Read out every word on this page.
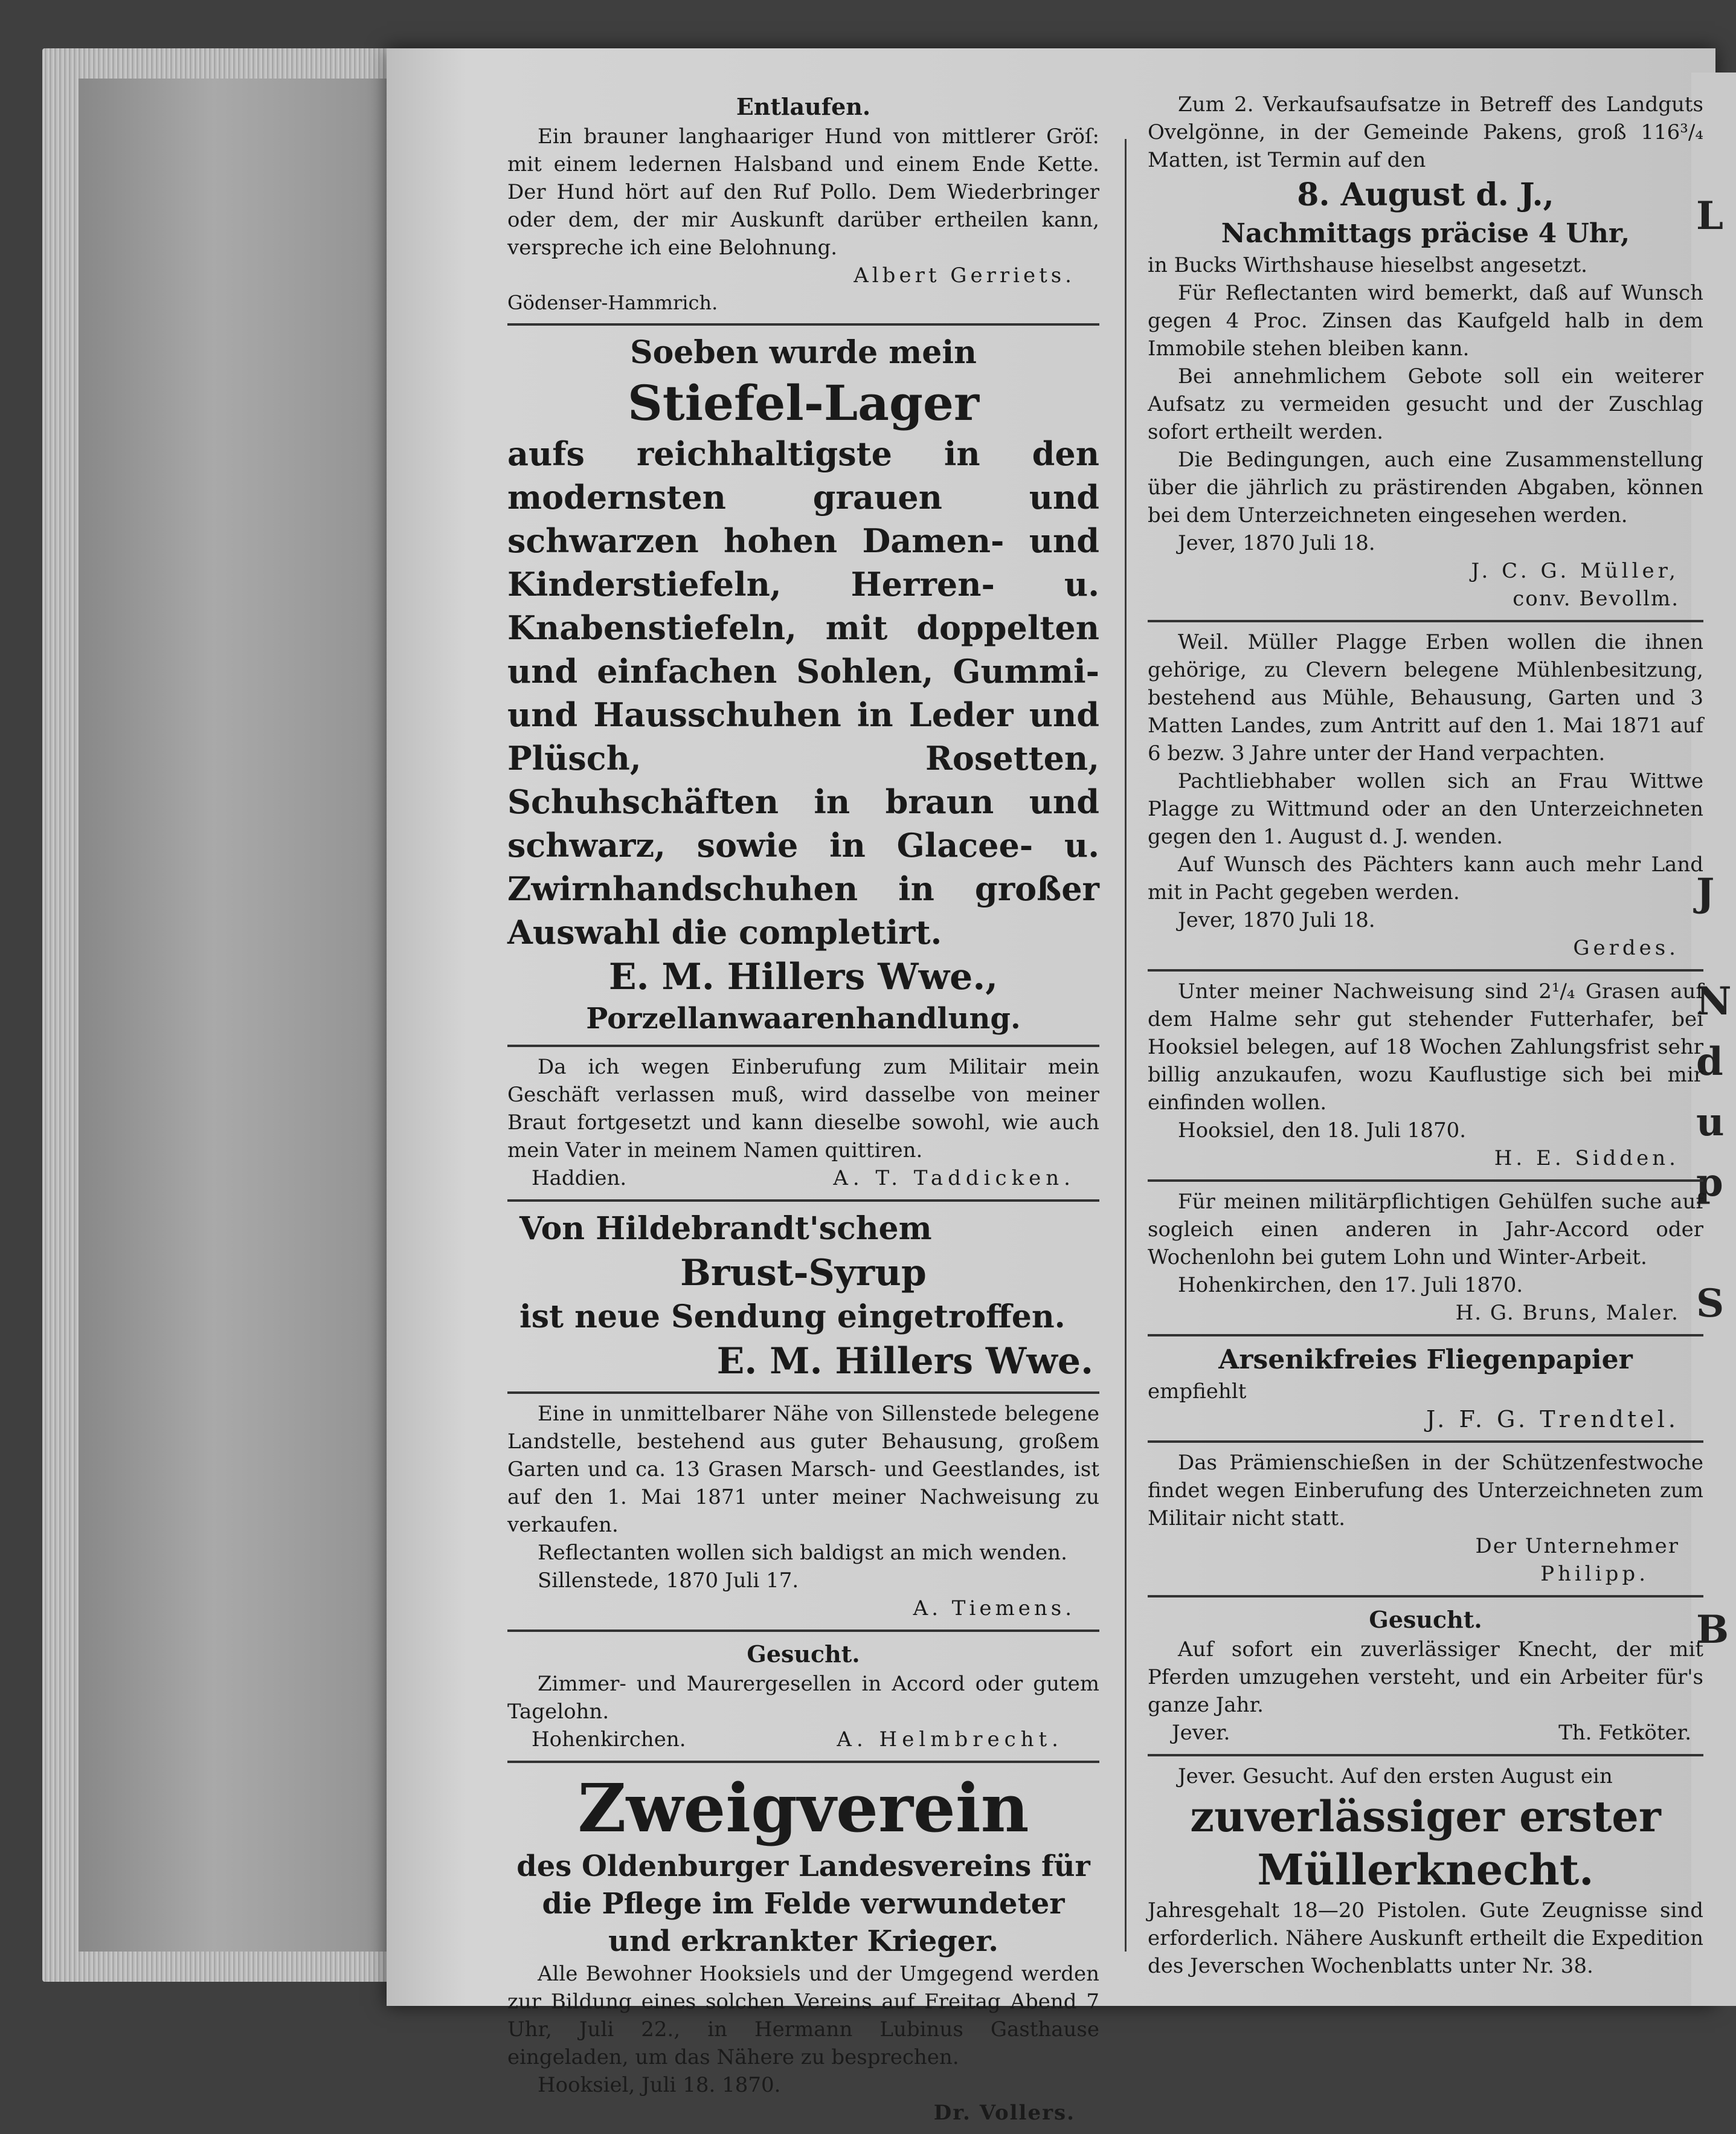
L
J
N
d
u
p
S
B
Entlaufen.
Ein brauner langhaariger Hund von mittlerer Gröſ: mit einem ledernen Halsband und einem Ende Kette. Der Hund hört auf den Ruf Pollo. Dem Wiederbringer oder dem, der mir Auskunft darüber ertheilen kann, verspreche ich eine Belohnung.
Albert Gerriets.
Gödenser-Hammrich.
Soeben wurde mein
Stiefel-Lager
aufs reichhaltigste in den modernsten grauen und schwarzen hohen Damen- und Kinderstiefeln, Herren- u. Knabenstiefeln, mit doppelten und einfachen Sohlen, Gummi- und Hausschuhen in Leder und Plüsch, Rosetten, Schuhschäften in braun und schwarz, sowie in Glacee- u. Zwirnhandschuhen in großer Auswahl die completirt.
E. M. Hillers Wwe.,
Porzellanwaarenhandlung.
Da ich wegen Einberufung zum Militair mein Geschäft verlassen muß, wird dasselbe von meiner Braut fortgesetzt und kann dieselbe sowohl, wie auch mein Vater in meinem Namen quittiren.
Haddien.	A. T. Taddicken.
Von Hildebrandt'schem
Brust-Syrup
ist neue Sendung eingetroffen.
E. M. Hillers Wwe.
Eine in unmittelbarer Nähe von Sillenstede belegene Landstelle, bestehend aus guter Behausung, großem Garten und ca. 13 Grasen Marsch- und Geestlandes, ist auf den 1. Mai 1871 unter meiner Nachweisung zu verkaufen.
Reflectanten wollen sich baldigst an mich wenden.
Sillenstede, 1870 Juli 17.
A. Tiemens.
Gesucht.
Zimmer- und Maurergesellen in Accord oder gutem Tagelohn.
Hohenkirchen.	A. Helmbrecht.
Zweigverein
des Oldenburger Landesvereins für die Pflege im Felde verwundeter und erkrankter Krieger.
Alle Bewohner Hooksiels und der Umgegend werden zur Bildung eines solchen Vereins auf Freitag Abend 7 Uhr, Juli 22., in Hermann Lubinus Gasthause eingeladen, um das Nähere zu besprechen.
Hooksiel, Juli 18. 1870.
Dr. Vollers.
Zum 2. Verkaufsaufsatze in Betreff des Landguts Ovelgönne, in der Gemeinde Pakens, groß 116³/₄ Matten, ist Termin auf den
8. August d. J.,
Nachmittags präcise 4 Uhr,
in Bucks Wirthshause hieselbst angesetzt.
Für Reflectanten wird bemerkt, daß auf Wunsch gegen 4 Proc. Zinsen das Kaufgeld halb in dem Immobile stehen bleiben kann.
Bei annehmlichem Gebote soll ein weiterer Aufsatz zu vermeiden gesucht und der Zuschlag sofort ertheilt werden.
Die Bedingungen, auch eine Zusammenstellung über die jährlich zu prästirenden Abgaben, können bei dem Unterzeichneten eingesehen werden.
Jever, 1870 Juli 18.
J. C. G. Müller,
conv. Bevollm.
Weil. Müller Plagge Erben wollen die ihnen gehörige, zu Clevern belegene Mühlenbesitzung, bestehend aus Mühle, Behausung, Garten und 3 Matten Landes, zum Antritt auf den 1. Mai 1871 auf 6 bezw. 3 Jahre unter der Hand verpachten.
Pachtliebhaber wollen sich an Frau Wittwe Plagge zu Wittmund oder an den Unterzeichneten gegen den 1. August d. J. wenden.
Auf Wunsch des Pächters kann auch mehr Land mit in Pacht gegeben werden.
Jever, 1870 Juli 18.
Gerdes.
Unter meiner Nachweisung sind 2¹/₄ Grasen auf dem Halme sehr gut stehender Futterhafer, bei Hooksiel belegen, auf 18 Wochen Zahlungsfrist sehr billig anzukaufen, wozu Kauflustige sich bei mir einfinden wollen.
Hooksiel, den 18. Juli 1870.
H. E. Sidden.
Für meinen militärpflichtigen Gehülfen suche auf sogleich einen anderen in Jahr-Accord oder Wochenlohn bei gutem Lohn und Winter-Arbeit.
Hohenkirchen, den 17. Juli 1870.
H. G. Bruns, Maler.
Arsenikfreies Fliegenpapier
empfiehlt
J. F. G. Trendtel.
Das Prämienschießen in der Schützenfestwoche findet wegen Einberufung des Unterzeichneten zum Militair nicht statt.
Der Unternehmer
Philipp.
Gesucht.
Auf sofort ein zuverlässiger Knecht, der mit Pferden umzugehen versteht, und ein Arbeiter für's ganze Jahr.
Jever.	Th. Fetköter.
Jever. Gesucht. Auf den ersten August ein
zuverlässiger erster Müllerknecht.
Jahresgehalt 18—20 Pistolen. Gute Zeugnisse sind erforderlich. Nähere Auskunft ertheilt die Expedition des Jeverschen Wochenblatts unter Nr. 38.
